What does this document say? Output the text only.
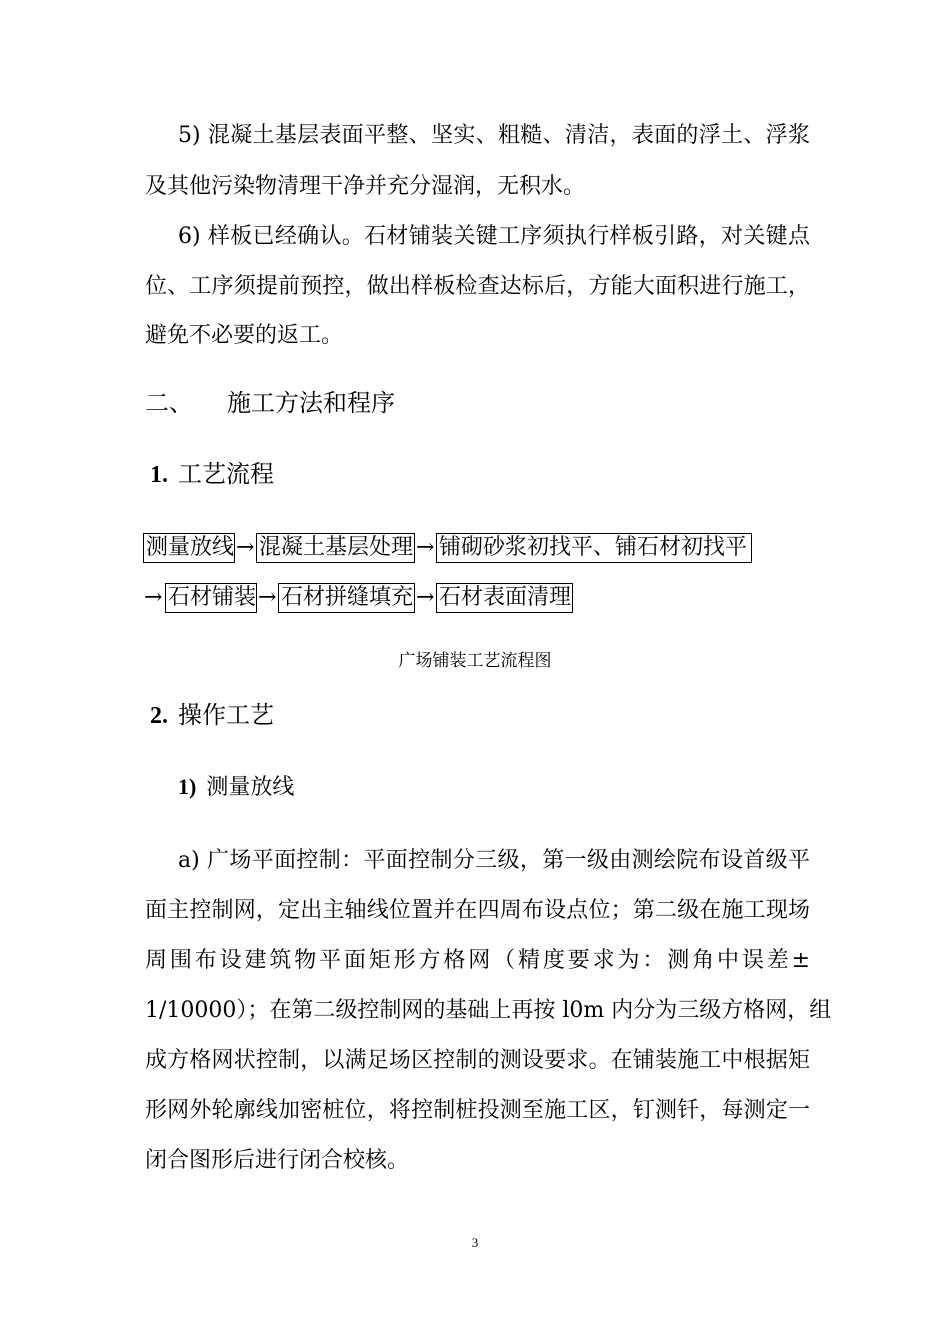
5) 混凝土基层表面平整、坚实、粗糙、清洁，表面的浮土、浮浆
及其他污染物清理干净并充分湿润，无积水。
6) 样板已经确认。石材铺装关键工序须执行样板引路，对关键点
位、工序须提前预控，做出样板检查达标后，方能大面积进行施工，
避免不必要的返工。
二、 施工方法和程序
1. 工艺流程
测量放线 → 混凝土基层处理 → 铺砌砂浆初找平、铺石材初找平
→ 石材铺装 → 石材拼缝填充 → 石材表面清理
广场铺装工艺流程图
2. 操作工艺
1) 测量放线
a) 广场平面控制：平面控制分三级，第一级由测绘院布设首级平
面主控制网，定出主轴线位置并在四周布设点位；第二级在施工现场
周围布设建筑物平面矩形方格网（精度要求为：测角中误差±
1/10000）；在第二级控制网的基础上再按 l0m 内分为三级方格网，组
成方格网状控制，以满足场区控制的测设要求。在铺装施工中根据矩
形网外轮廓线加密桩位，将控制桩投测至施工区，钉测钎，每测定一
闭合图形后进行闭合校核。
3
